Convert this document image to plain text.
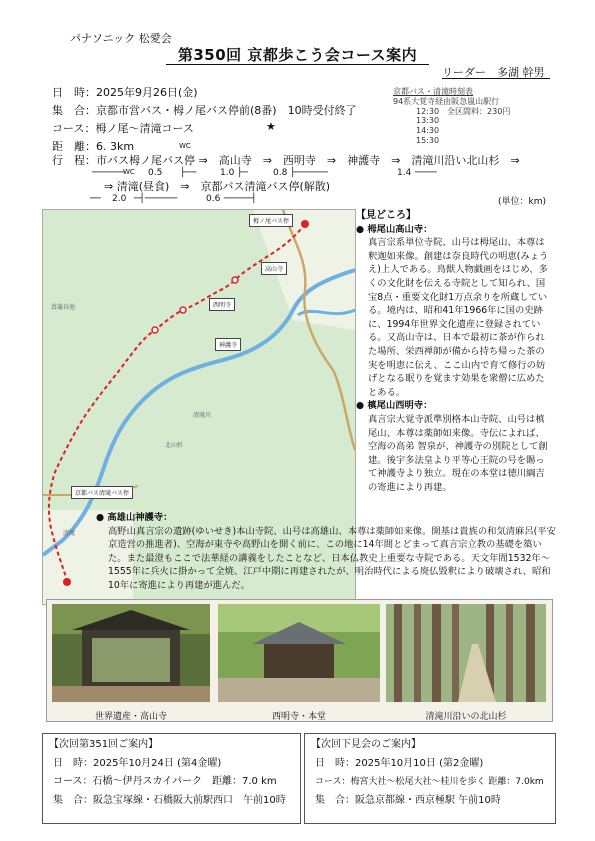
パナソニック 松愛会
第350回 京都歩こう会コース案内
リーダー　多湖 幹男
日　時：2025年9月26日(金)
集　合：京都市営バス・栂ノ尾バス停前(8番)　10時受付終了
コース：栂ノ尾～清滝コース	★
距　離：6. 3km
行　程：市バス栂ノ尾バス停 ⇒　高山寺　⇒　西明寺　⇒　神護寺　⇒　清滝川沿い北山杉　⇒
WC
WC
──────	├──
0.5	1.0 ├─	0.8 ├──────	1.4 ────
⇒ 清滝(昼食)　⇒　京都バス清滝バス停(解散)
── 2.0 ─┤──────	0.6 ─────┤	(単位：km)
京都バス・清滝時刻表
94系大覚寺経由阪急嵐山駅行
12:30　全区間料：230円
13:30
14:30
15:30
栂ノ尾バス停
高山寺
西明寺
神護寺
菖蒲谷池
北山杉
清滝川
清滝
京都バス清滝バス停
【見どころ】
● 栂尾山高山寺：
真言宗系単位寺院、山号は栂尾山、本尊は釈迦如来像。創建は奈良時代の明恵(みょうえ)上人である。鳥獣人物戯画をはじめ、多くの文化財を伝える寺院として知られ、国宝8点・重要文化財1万点余りを所蔵している。境内は、昭和41年1966年に国の史跡に、1994年世界文化遺産に登録されている。又高山寺は、日本で最初に茶が作られた場所、栄西禅師が備から持ち帰った茶の実を明恵に伝え、ここ山内で育て修行の妨げとなる眠りを覚ます効果を衆僧に広めたとある。
● 槙尾山西明寺：
真言宗大覚寺派準別格本山寺院、山号は槙尾山、本尊は薬師如来像。寺伝によれば、空海の高弟 智泉が、神護寺の別院として創建。後宇多法皇より平等心王院の号を賜って神護寺より独立。現在の本堂は徳川綱吉の寄進により再建。
● 高雄山神護寺：
高野山真言宗の遺跡(ゆいせき)本山寺院、山号は高雄山、本尊は薬師如来像。開基は貴族の和気清麻呂(平安京造営の推進者)、空海が東寺や高野山を開く前に、この地に14年間とどまって真言宗立教の基礎を築いた。また最澄もここで法華経の講義をしたことなど、日本仏教史上重要な寺院である。天文年間1532年～1555年に兵火に掛かって全焼、江戸中期に再建されたが、明治時代による廃仏毀釈により破壊され、昭和10年に寄進により再建が進んだ。
世界遺産・高山寺	西明寺・本堂	清滝川沿いの北山杉
【次回第351回ご案内】
日　時：2025年10月24日 (第4金曜)
コース：石橋～伊丹スカイパーク　距離：7.0 km
集　合：阪急宝塚線・石橋阪大前駅西口　午前10時
【次回下見会のご案内】
日　時：2025年10月10日 (第2金曜)
コース：梅宮大社～松尾大社～桂川を歩く 距離：7.0km
集　合：阪急京都線・西京極駅 午前10時
